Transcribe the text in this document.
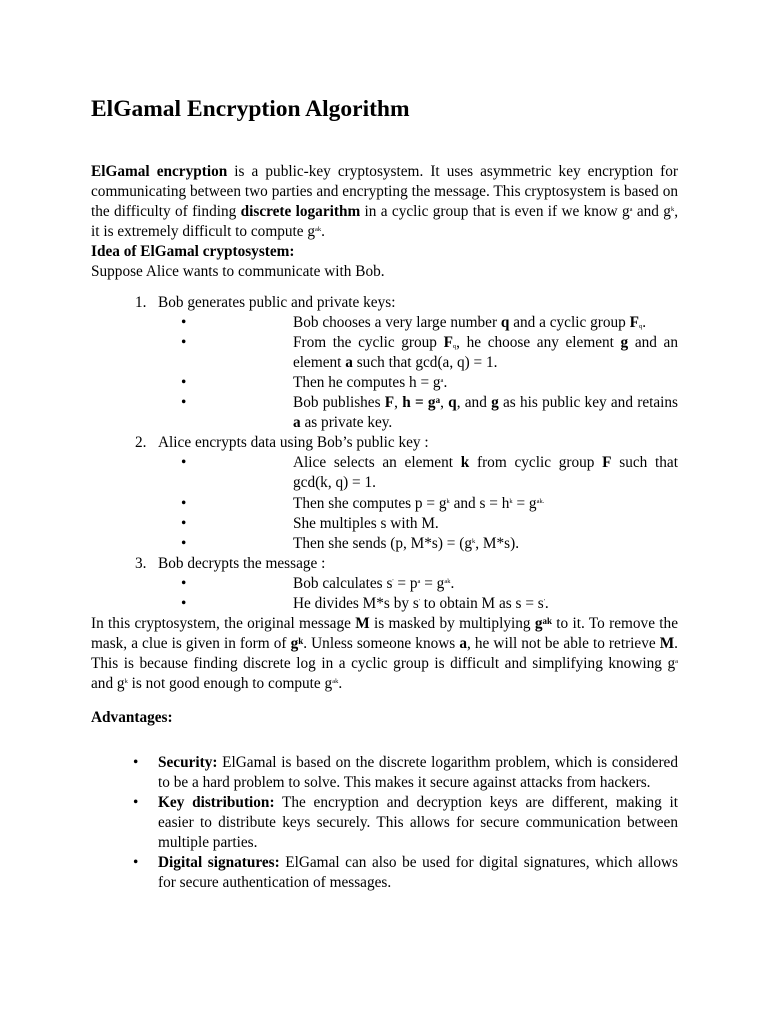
ElGamal Encryption Algorithm

ElGamal encryption is a public-key cryptosystem. It uses asymmetric key encryption for communicating between two parties and encrypting the message. This cryptosystem is based on the difficulty of finding discrete logarithm in a cyclic group that is even if we know $g^a$ and $g^k$, it is extremely difficult to compute $g^{ak}$.

Idea of ElGamal cryptosystem:

Suppose Alice wants to communicate with Bob.

1. Bob generates public and private keys:
•	Bob chooses a very large number q and a cyclic group $F_q$.
•	From the cyclic group $F_q$, he choose any element g and an element a such that gcd(a, q) = 1.
•	Then he computes $h = g^a$.
•	Bob publishes F, $h = g^a$, q, and g as his public key and retains a as private key.
2. Alice encrypts data using Bob’s public key :
•	Alice selects an element k from cyclic group F such that gcd(k, q) = 1.
•	Then she computes $p = g^k$ and $s = h^k = g^{ak.}$
•	She multiples s with M.
•	Then she sends (p, $M*s) = (g^k$, M*s).
3. Bob decrypts the message :
•	Bob calculates $s' = p^a = g^{ak}$.
•	He divides M*s by s' to obtain M as s = s'.

In this cryptosystem, the original message M is masked by multiplying $g^{ak}$ to it. To remove the mask, a clue is given in form of $g^k$. Unless someone knows a, he will not be able to retrieve M. This is because finding discrete log in a cyclic group is difficult and simplifying knowing $g^a$ and $g^k$ is not good enough to compute $g^{ak}$.

Advantages:

• Security: ElGamal is based on the discrete logarithm problem, which is considered to be a hard problem to solve. This makes it secure against attacks from hackers.
• Key distribution: The encryption and decryption keys are different, making it easier to distribute keys securely. This allows for secure communication between multiple parties.
• Digital signatures: ElGamal can also be used for digital signatures, which allows for secure authentication of messages.
